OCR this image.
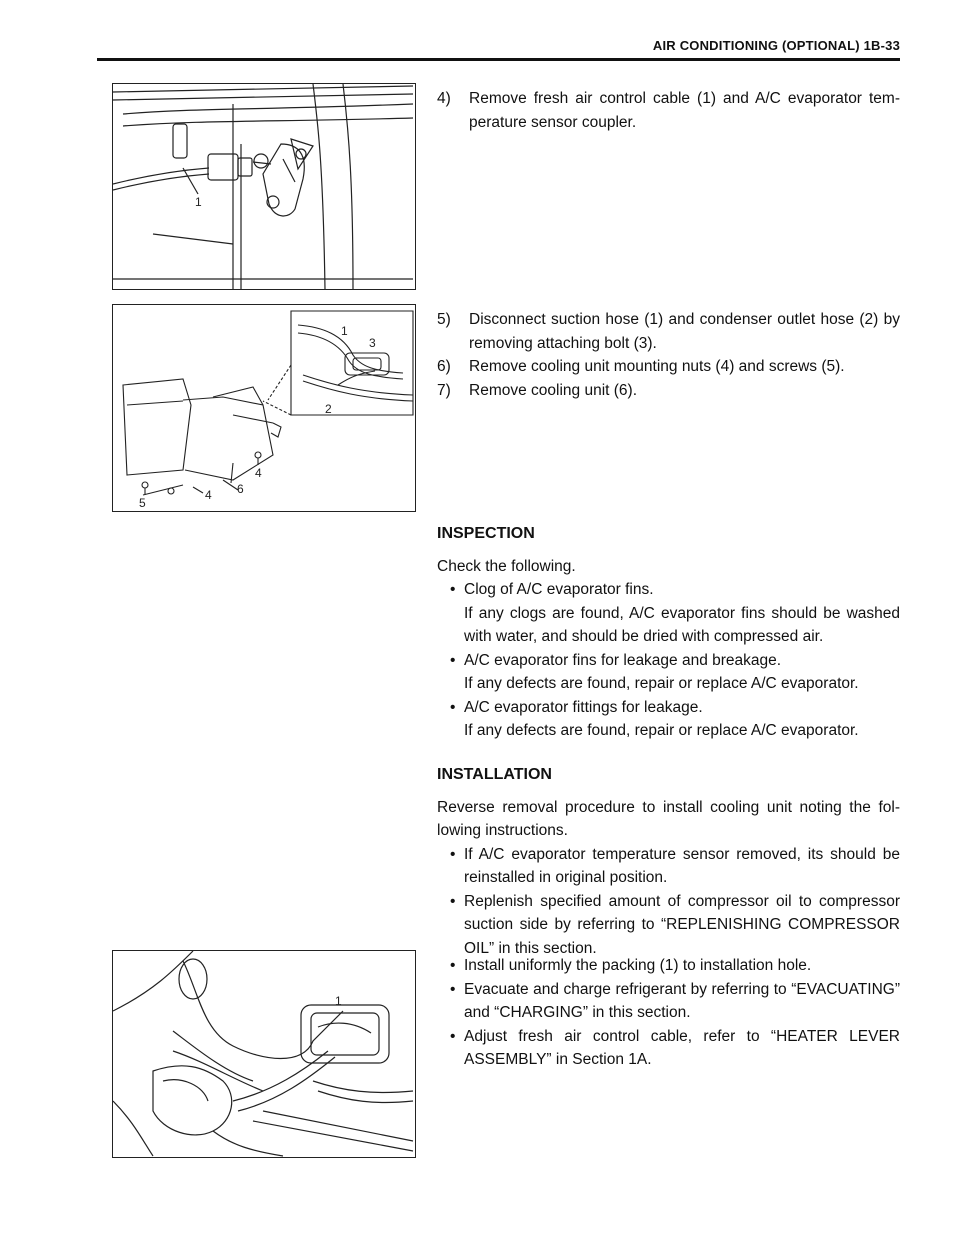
AIR CONDITIONING (OPTIONAL) 1B-33
1
1
3
2
4
6
5
4
1
4)	Remove fresh air control cable (1) and A/C evaporator temperature sensor coupler.
5)	Disconnect suction hose (1) and condenser outlet hose (2) by removing attaching bolt (3).
6)	Remove cooling unit mounting nuts (4) and screws (5).
7)	Remove cooling unit (6).
INSPECTION
Check the following.
• Clog of A/C evaporator fins.
If any clogs are found, A/C evaporator fins should be washed with water, and should be dried with compressed air.
• A/C evaporator fins for leakage and breakage.
If any defects are found, repair or replace A/C evaporator.
• A/C evaporator fittings for leakage.
If any defects are found, repair or replace A/C evaporator.
INSTALLATION
Reverse removal procedure to install cooling unit noting the following instructions.
• If A/C evaporator temperature sensor removed, its should be reinstalled in original position.
• Replenish specified amount of compressor oil to compressor suction side by referring to “REPLENISHING COMPRESSOR OIL” in this section.
• Install uniformly the packing (1) to installation hole.
• Evacuate and charge refrigerant by referring to “EVACUATING” and “CHARGING” in this section.
• Adjust fresh air control cable, refer to “HEATER LEVER ASSEMBLY” in Section 1A.
